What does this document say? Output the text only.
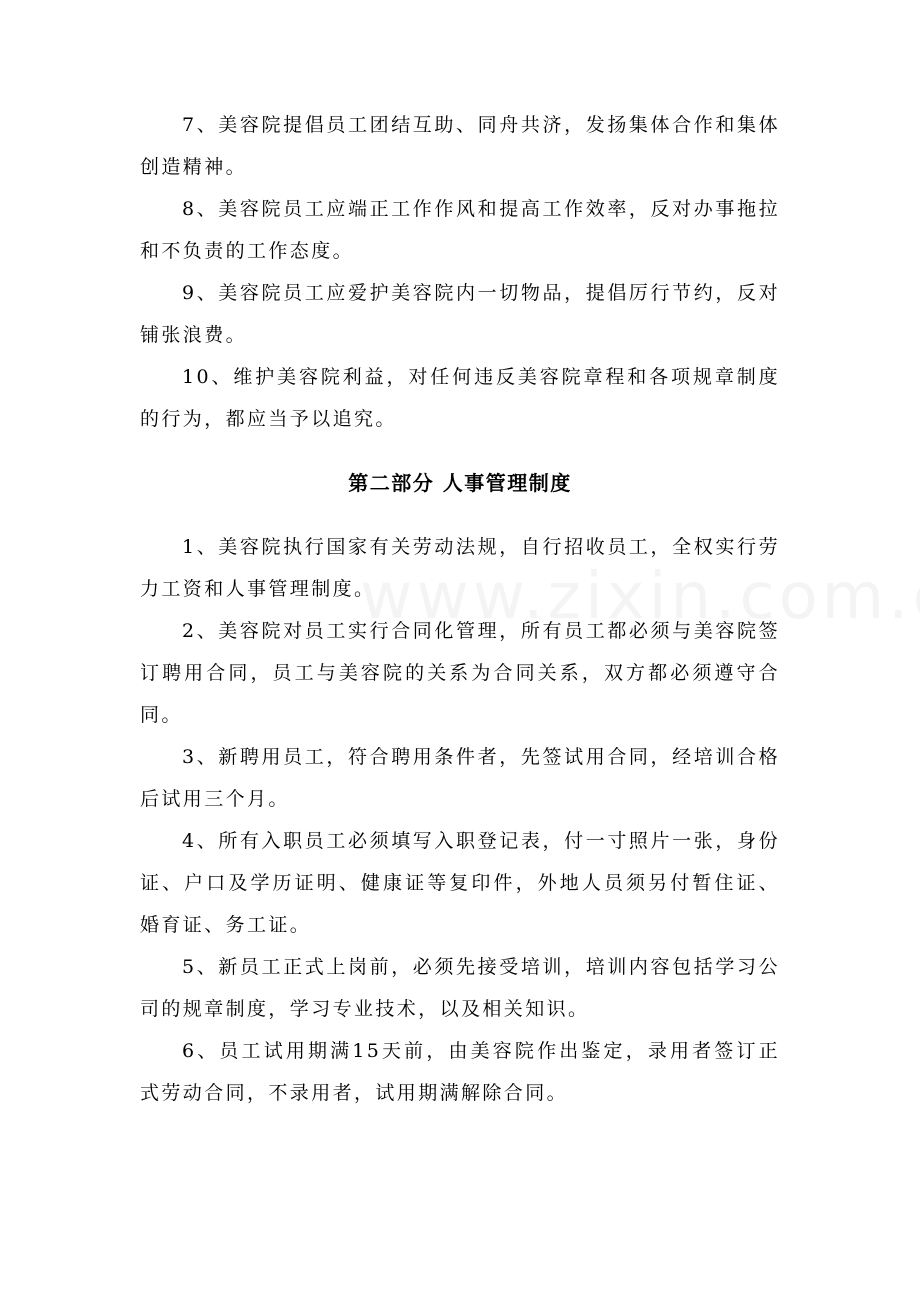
7、美容院提倡员工团结互助、同舟共济，发扬集体合作和集体创造精神。

8、美容院员工应端正工作作风和提高工作效率，反对办事拖拉和不负责的工作态度。

9、美容院员工应爱护美容院内一切物品，提倡厉行节约，反对铺张浪费。

10、维护美容院利益，对任何违反美容院章程和各项规章制度的行为，都应当予以追究。

第二部分 人事管理制度

1、美容院执行国家有关劳动法规，自行招收员工，全权实行劳力工资和人事管理制度。

2、美容院对员工实行合同化管理，所有员工都必须与美容院签订聘用合同，员工与美容院的关系为合同关系，双方都必须遵守合同。

3、新聘用员工，符合聘用条件者，先签试用合同，经培训合格后试用三个月。

4、所有入职员工必须填写入职登记表，付一寸照片一张，身份证、户口及学历证明、健康证等复印件，外地人员须另付暂住证、婚育证、务工证。

5、新员工正式上岗前，必须先接受培训，培训内容包括学习公司的规章制度，学习专业技术，以及相关知识。

6、员工试用期满15天前，由美容院作出鉴定，录用者签订正式劳动合同，不录用者，试用期满解除合同。
